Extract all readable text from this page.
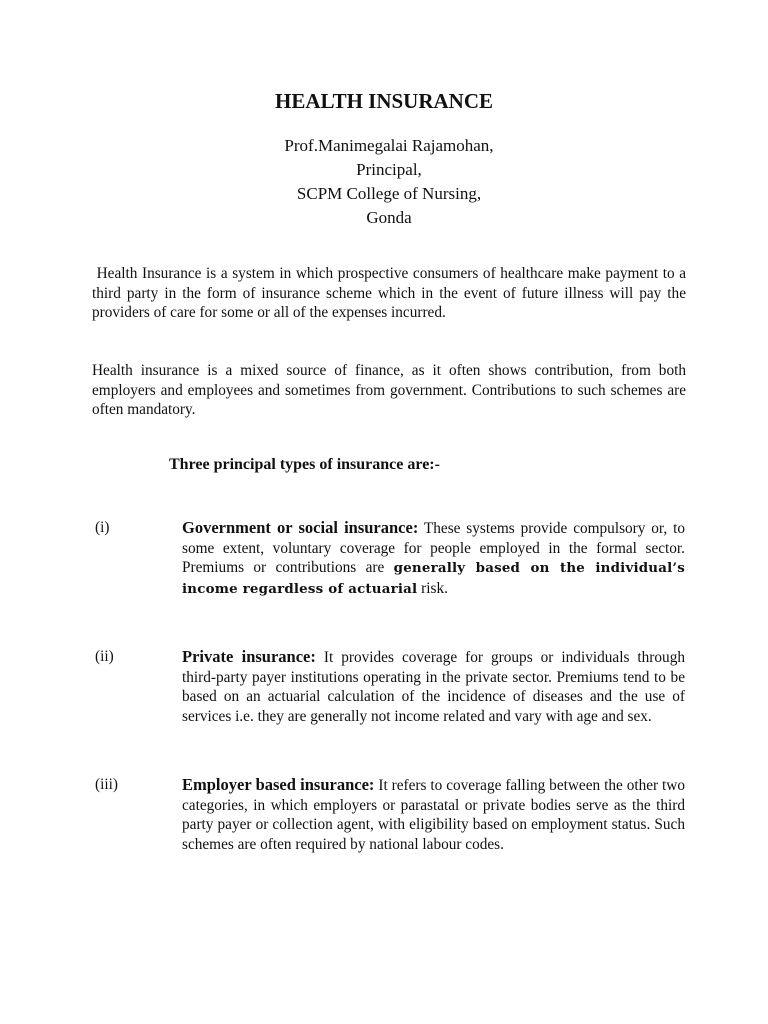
HEALTH INSURANCE
Prof.Manimegalai Rajamohan,
Principal,
SCPM College of Nursing,
Gonda

Health Insurance is a system in which prospective consumers of healthcare make payment to a third party in the form of insurance scheme which in the event of future illness will pay the providers of care for some or all of the expenses incurred.

Health insurance is a mixed source of finance, as it often shows contribution, from both employers and employees and sometimes from government. Contributions to such schemes are often mandatory.

Three principal types of insurance are:-
(i)	Government or social insurance: These systems provide compulsory or, to some extent, voluntary coverage for people employed in the formal sector. Premiums or contributions are generally based on the individual’s income regardless of actuarial risk.

(ii)	Private insurance: It provides coverage for groups or individuals through third-party payer institutions operating in the private sector. Premiums tend to be based on an actuarial calculation of the incidence of diseases and the use of services i.e. they are generally not income related and vary with age and sex.

(iii)	Employer based insurance: It refers to coverage falling between the other two categories, in which employers or parastatal or private bodies serve as the third party payer or collection agent, with eligibility based on employment status. Such schemes are often required by national labour codes.
